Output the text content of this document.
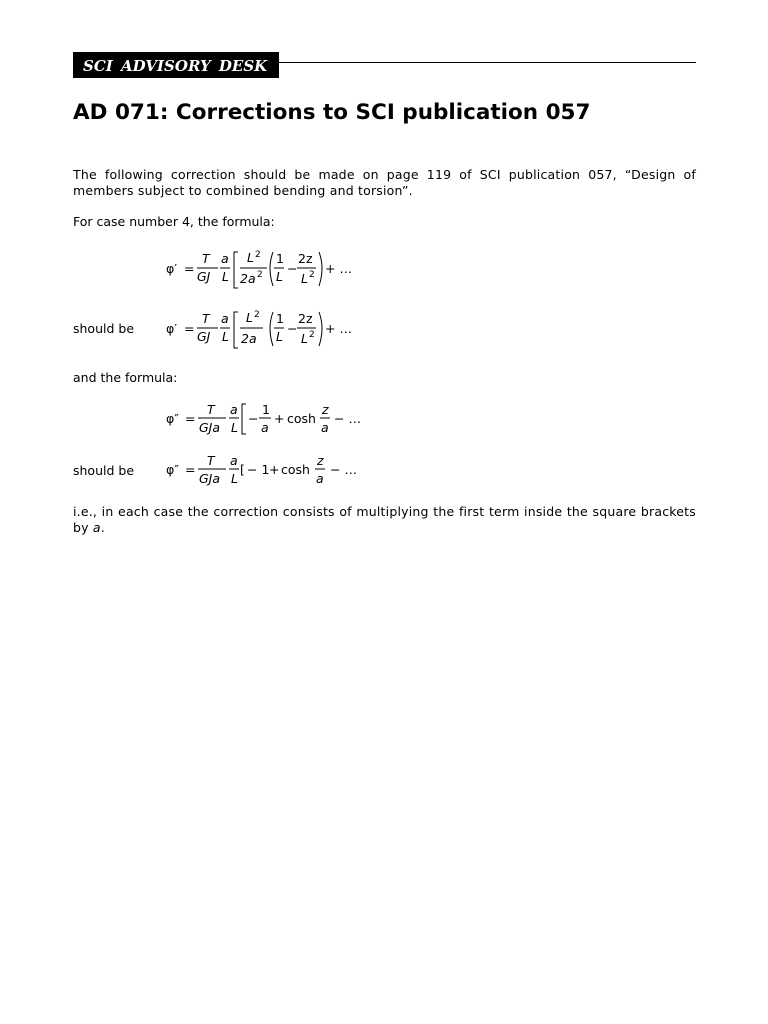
SCI ADVISORY DESK
AD 071: Corrections to SCI publication 057

The following correction should be made on page 119 of SCI publication 057, “Design of members subject to combined bending and torsion”.

For case number 4, the formula:

φ′ =
T
GJ
a
L
L 2
2a 2
1
L
−
2z
L 2 + …

should be	φ′ =
T
GJ
a
L
L 2
2a
1
L
−
2z
L 2 + …

and the formula:

φ″ =
T
GJa
a
L
−
1
a
+ cosh
z
a
− …

should be	φ″ =
T
GJa
a
L
[ − 1 + cosh
z
a
− …

i.e., in each case the correction consists of multiplying the first term inside the square brackets by a.
